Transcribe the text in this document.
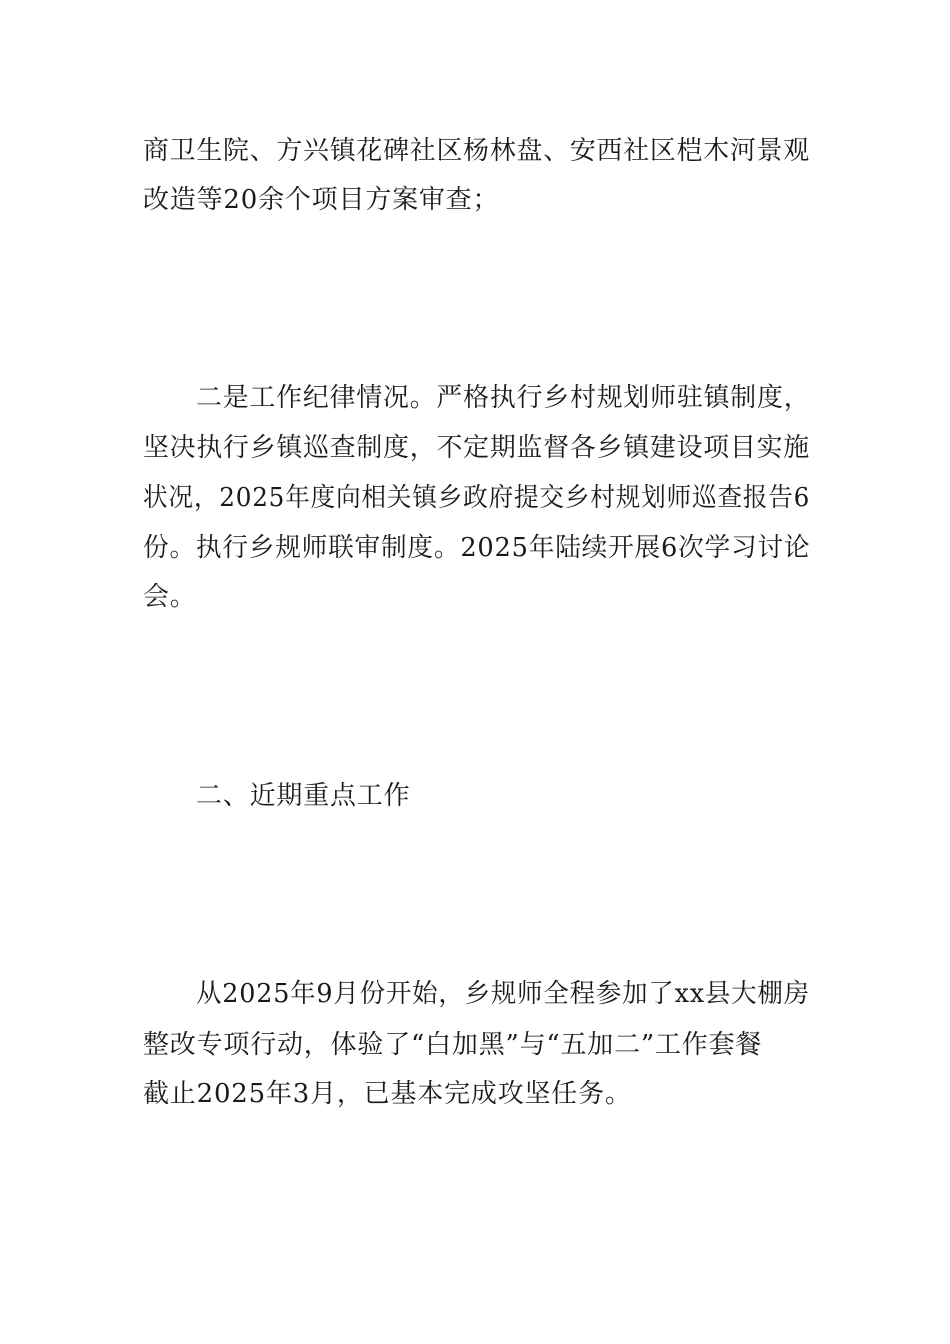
商卫生院、方兴镇花碑社区杨林盘、安西社区桤木河景观
改造等20余个项目方案审查；
二是工作纪律情况。严格执行乡村规划师驻镇制度，
坚决执行乡镇巡查制度，不定期监督各乡镇建设项目实施
状况，2025年度向相关镇乡政府提交乡村规划师巡查报告6
份。执行乡规师联审制度。2025年陆续开展6次学习讨论
会。
二、近期重点工作
从2025年9月份开始，乡规师全程参加了xx县大棚房
整改专项行动，体验了“白加黑”与“五加二”工作套餐
截止2025年3月，已基本完成攻坚任务。
